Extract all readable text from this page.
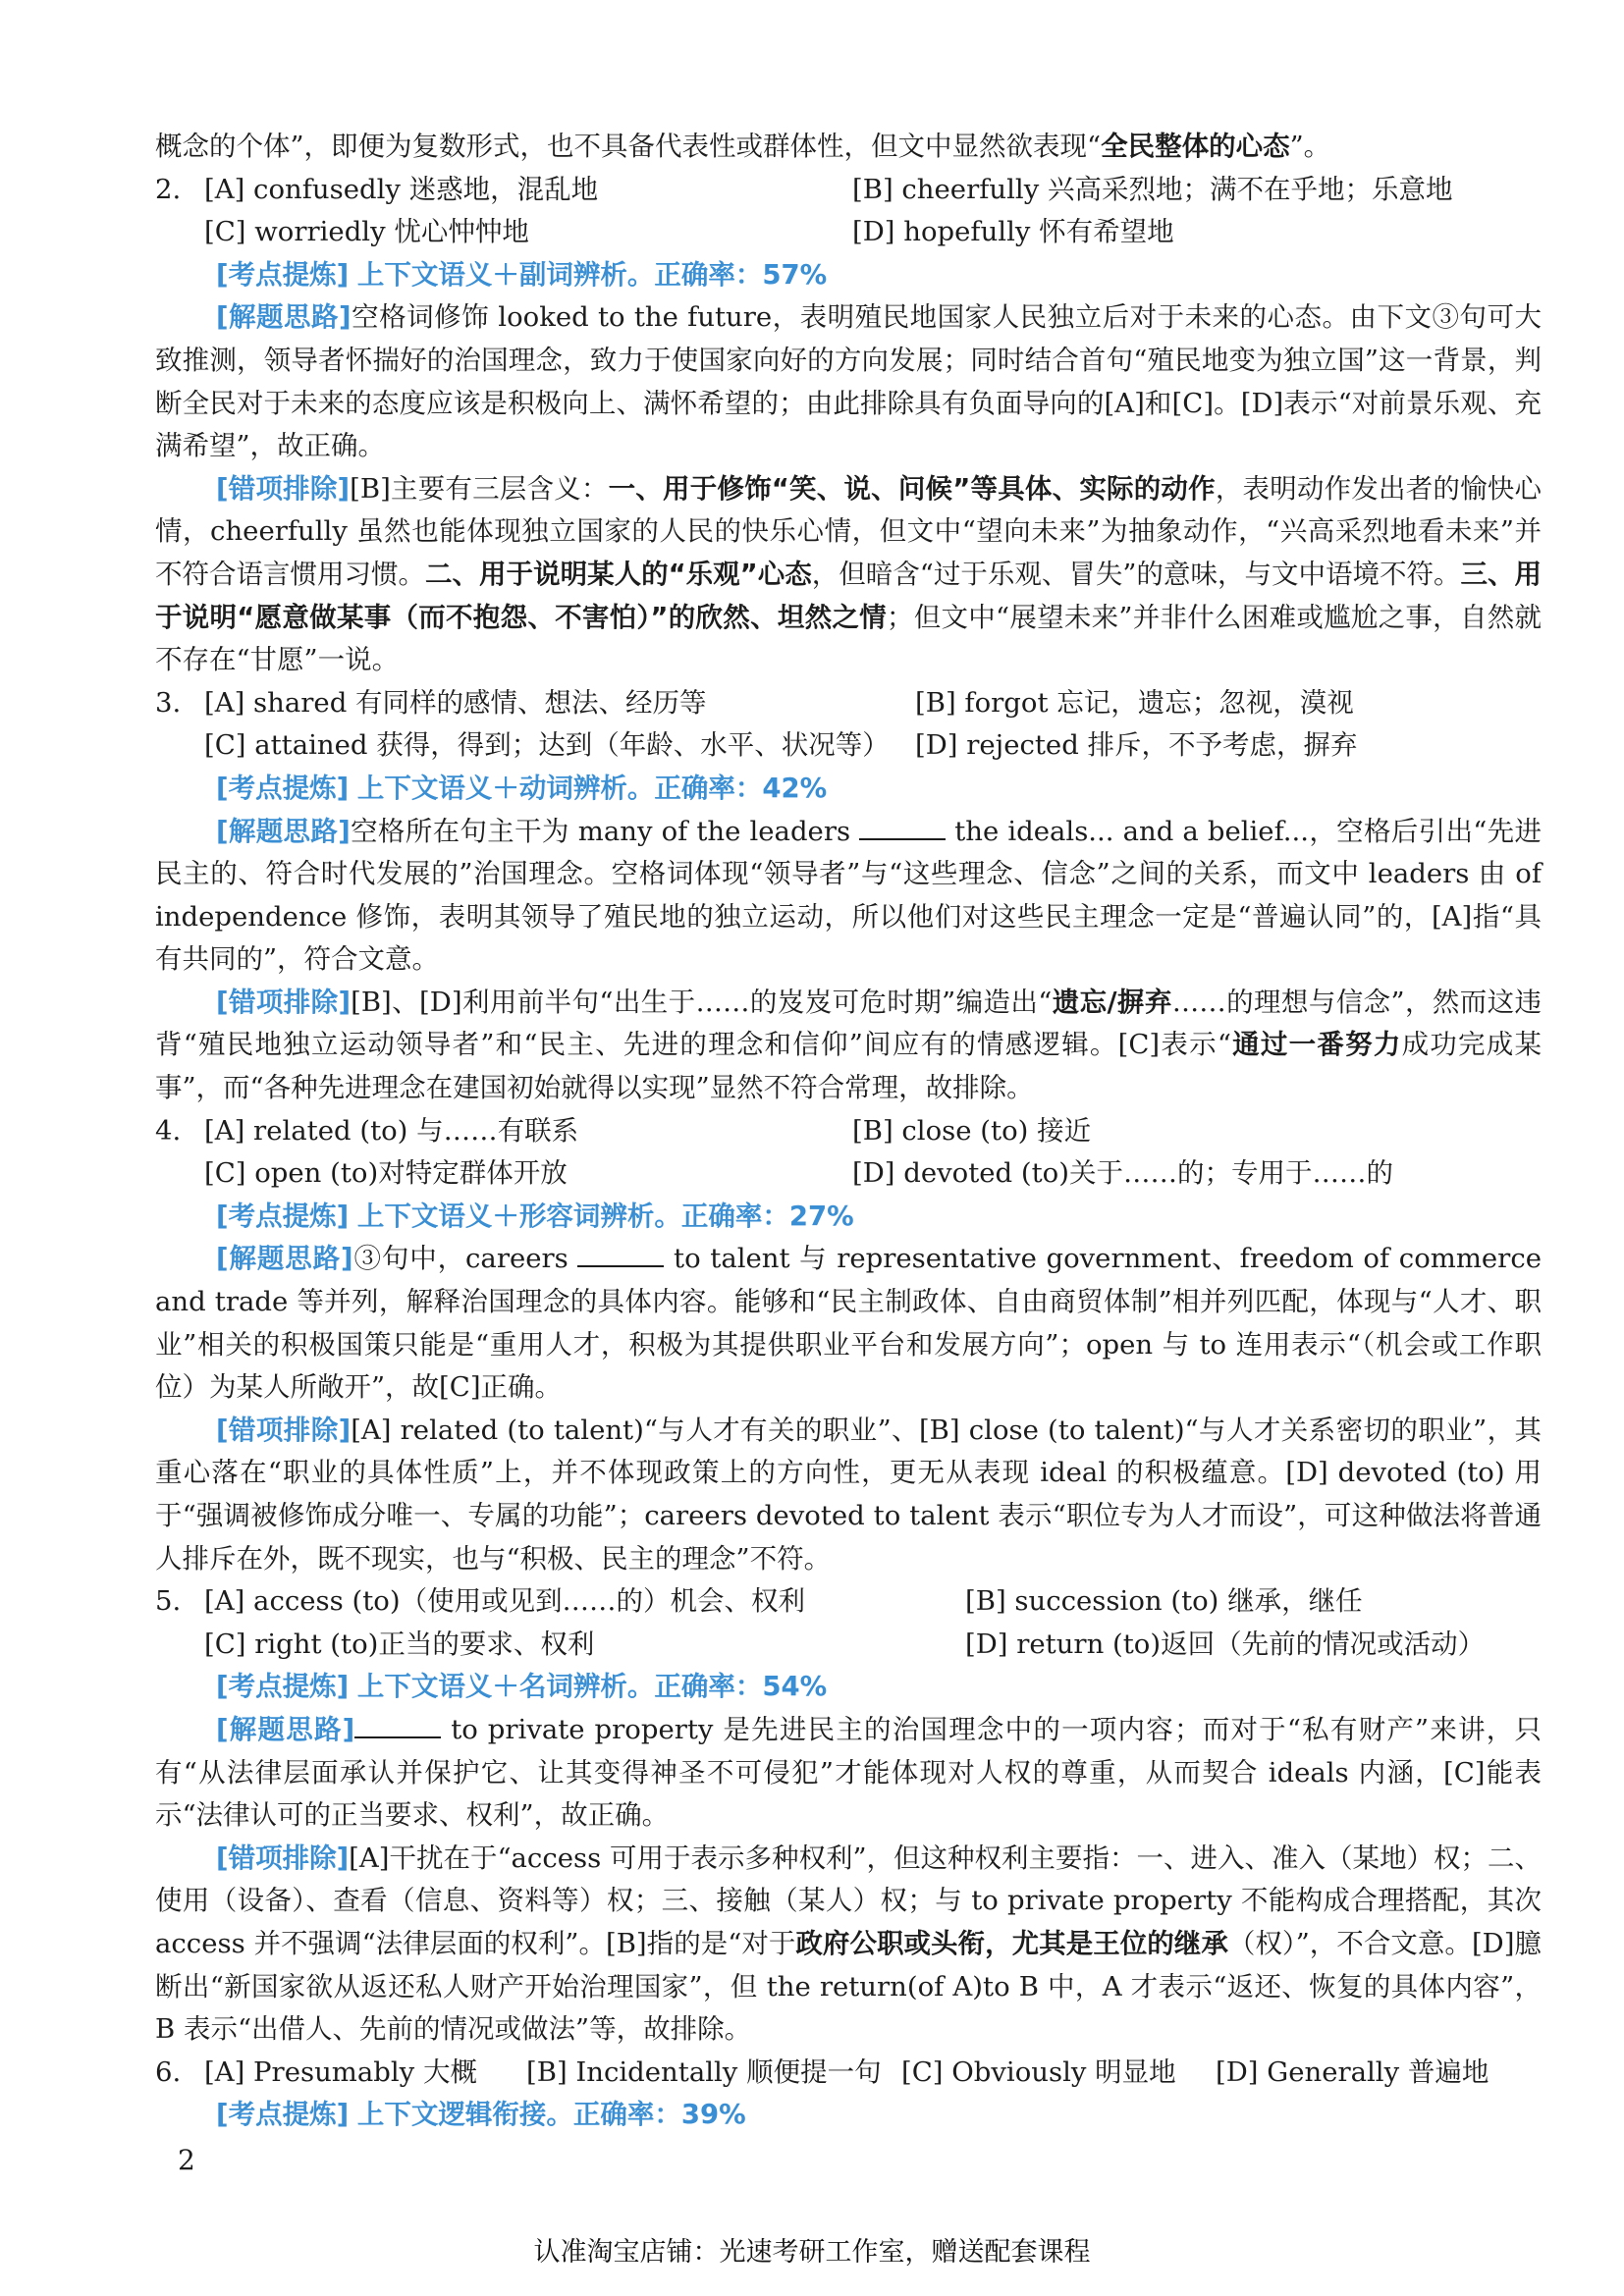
概念的个体”，即便为复数形式，也不具备代表性或群体性，但文中显然欲表现“全民整体的心态”。

2. [A] confusedly 迷惑地，混乱地	[B] cheerfully 兴高采烈地；满不在乎地；乐意地
[C] worriedly 忧心忡忡地	[D] hopefully 怀有希望地

[考点提炼] 上下文语义＋副词辨析。正确率：57%

[解题思路]空格词修饰 looked to the future，表明殖民地国家人民独立后对于未来的心态。由下文③句可大致推测，领导者怀揣好的治国理念，致力于使国家向好的方向发展；同时结合首句“殖民地变为独立国”这一背景，判断全民对于未来的态度应该是积极向上、满怀希望的；由此排除具有负面导向的[A]和[C]。[D]表示“对前景乐观、充满希望”，故正确。

[错项排除][B]主要有三层含义：一、用于修饰“笑、说、问候”等具体、实际的动作，表明动作发出者的愉快心情，cheerfully 虽然也能体现独立国家的人民的快乐心情，但文中“望向未来”为抽象动作，“兴高采烈地看未来”并不符合语言惯用习惯。二、用于说明某人的“乐观”心态，但暗含“过于乐观、冒失”的意味，与文中语境不符。三、用于说明“愿意做某事（而不抱怨、不害怕）”的欣然、坦然之情；但文中“展望未来”并非什么困难或尴尬之事，自然就不存在“甘愿”一说。

3. [A] shared 有同样的感情、想法、经历等	[B] forgot 忘记，遗忘；忽视，漠视
[C] attained 获得，得到；达到（年龄、水平、状况等） [D] rejected 排斥，不予考虑，摒弃

[考点提炼] 上下文语义＋动词辨析。正确率：42%

[解题思路]空格所在句主干为 many of the leaders	the ideals... and a belief...，空格后引出“先进民主的、符合时代发展的”治国理念。空格词体现“领导者”与“这些理念、信念”之间的关系，而文中 leaders 由 of independence 修饰，表明其领导了殖民地的独立运动，所以他们对这些民主理念一定是“普遍认同”的，[A]指“具有共同的”，符合文意。

[错项排除][B]、[D]利用前半句“出生于……的岌岌可危时期”编造出“遗忘/摒弃……的理想与信念”，然而这违背“殖民地独立运动领导者”和“民主、先进的理念和信仰”间应有的情感逻辑。[C]表示“通过一番努力成功完成某事”，而“各种先进理念在建国初始就得以实现”显然不符合常理，故排除。

4. [A] related (to) 与……有联系	[B] close (to) 接近
[C] open (to)对特定群体开放	[D] devoted (to)关于……的；专用于……的

[考点提炼] 上下文语义＋形容词辨析。正确率：27%

[解题思路]③句中，careers	to talent 与 representative government、freedom of commerce and trade 等并列，解释治国理念的具体内容。能够和“民主制政体、自由商贸体制”相并列匹配，体现与“人才、职业”相关的积极国策只能是“重用人才，积极为其提供职业平台和发展方向”；open 与 to 连用表示“（机会或工作职位）为某人所敞开”，故[C]正确。

[错项排除][A] related (to talent)“与人才有关的职业”、[B] close (to talent)“与人才关系密切的职业”，其重心落在“职业的具体性质”上，并不体现政策上的方向性，更无从表现 ideal 的积极蕴意。[D] devoted (to) 用于“强调被修饰成分唯一、专属的功能”；careers devoted to talent 表示“职位专为人才而设”，可这种做法将普通人排斥在外，既不现实，也与“积极、民主的理念”不符。

5. [A] access (to)（使用或见到……的）机会、权利	[B] succession (to) 继承，继任
[C] right (to)正当的要求、权利	[D] return (to)返回（先前的情况或活动）

[考点提炼] 上下文语义＋名词辨析。正确率：54%

[解题思路]	to private property 是先进民主的治国理念中的一项内容；而对于“私有财产”来讲，只有“从法律层面承认并保护它、让其变得神圣不可侵犯”才能体现对人权的尊重，从而契合 ideals 内涵，[C]能表示“法律认可的正当要求、权利”，故正确。

[错项排除][A]干扰在于“access 可用于表示多种权利”，但这种权利主要指：一、进入、准入（某地）权；二、使用（设备）、查看（信息、资料等）权；三、接触（某人）权；与 to private property 不能构成合理搭配，其次 access 并不强调“法律层面的权利”。[B]指的是“对于政府公职或头衔，尤其是王位的继承（权）”，不合文意。[D]臆断出“新国家欲从返还私人财产开始治理国家”，但 the return(of A)to B 中，A 才表示“返还、恢复的具体内容”，B 表示“出借人、先前的情况或做法”等，故排除。

6. [A] Presumably 大概	[B] Incidentally 顺便提一句 [C] Obviously 明显地	[D] Generally 普遍地

[考点提炼] 上下文逻辑衔接。正确率：39%

2
认准淘宝店铺：光速考研工作室，赠送配套课程
